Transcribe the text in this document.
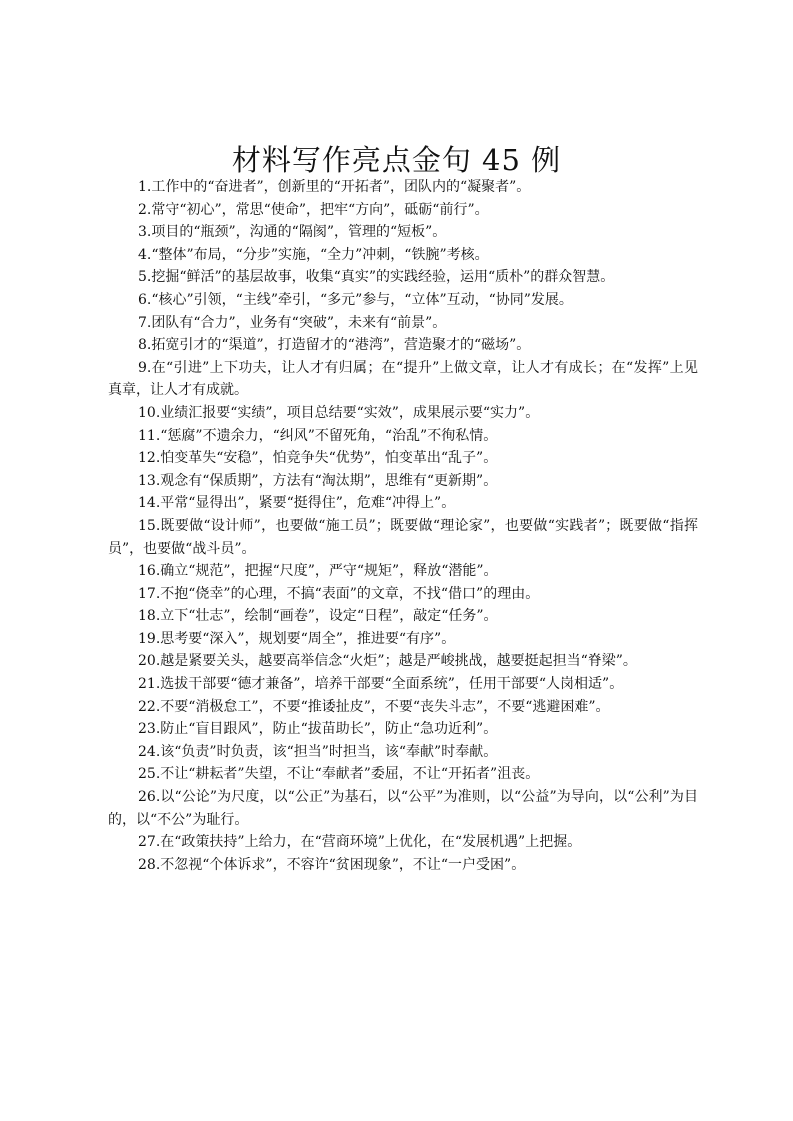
材料写作亮点金句 45 例

1.工作中的“奋进者”，创新里的“开拓者”，团队内的“凝聚者”。

2.常守“初心”，常思“使命”，把牢“方向”，砥砺“前行”。

3.项目的“瓶颈”，沟通的“隔阂”，管理的“短板”。

4.“整体”布局，“分步”实施，“全力”冲刺，“铁腕”考核。

5.挖掘“鲜活”的基层故事，收集“真实”的实践经验，运用“质朴”的群众智慧。

6.“核心”引领，“主线”牵引，“多元”参与，“立体”互动，“协同”发展。

7.团队有“合力”，业务有“突破”，未来有“前景”。

8.拓宽引才的“渠道”，打造留才的“港湾”，营造聚才的“磁场”。

9.在“引进”上下功夫，让人才有归属；在“提升”上做文章，让人才有成长；在“发挥”上见真章，让人才有成就。

10.业绩汇报要“实绩”，项目总结要“实效”，成果展示要“实力”。

11.“惩腐”不遗余力，“纠风”不留死角，“治乱”不徇私情。

12.怕变革失“安稳”，怕竞争失“优势”，怕变革出“乱子”。

13.观念有“保质期”，方法有“淘汰期”，思维有“更新期”。

14.平常“显得出”，紧要“挺得住”，危难“冲得上”。

15.既要做“设计师”，也要做“施工员”；既要做“理论家”，也要做“实践者”；既要做“指挥员”，也要做“战斗员”。

16.确立“规范”，把握“尺度”，严守“规矩”，释放“潜能”。

17.不抱“侥幸”的心理，不搞“表面”的文章，不找“借口”的理由。

18.立下“壮志”，绘制“画卷”，设定“日程”，敲定“任务”。

19.思考要“深入”，规划要“周全”，推进要“有序”。

20.越是紧要关头，越要高举信念“火炬”；越是严峻挑战，越要挺起担当“脊梁”。

21.选拔干部要“德才兼备”，培养干部要“全面系统”，任用干部要“人岗相适”。

22.不要“消极怠工”，不要“推诿扯皮”，不要“丧失斗志”，不要“逃避困难”。

23.防止“盲目跟风”，防止“拔苗助长”，防止“急功近利”。

24.该“负责”时负责，该“担当”时担当，该“奉献”时奉献。

25.不让“耕耘者”失望，不让“奉献者”委屈，不让“开拓者”沮丧。

26.以“公论”为尺度，以“公正”为基石，以“公平”为准则，以“公益”为导向，以“公利”为目的，以“不公”为耻行。

27.在“政策扶持”上给力，在“营商环境”上优化，在“发展机遇”上把握。

28.不忽视“个体诉求”，不容许“贫困现象”，不让“一户受困”。
